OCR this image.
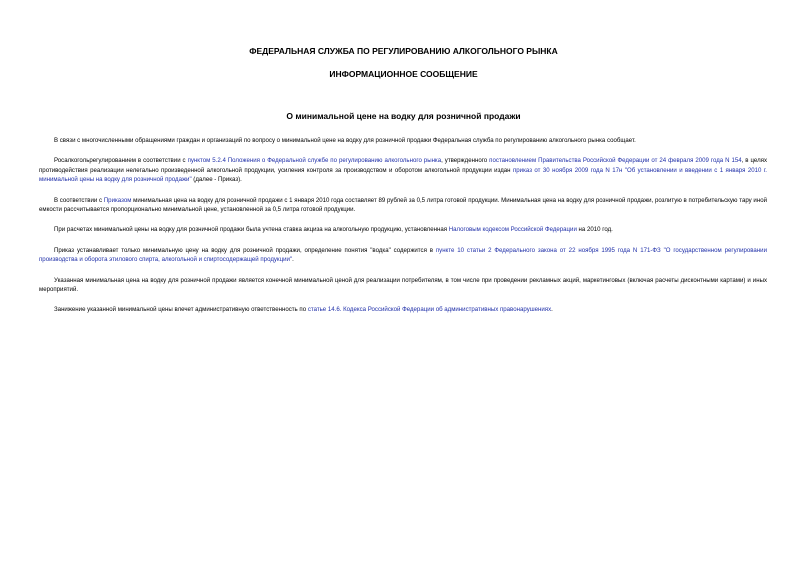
ФЕДЕРАЛЬНАЯ СЛУЖБА ПО РЕГУЛИРОВАНИЮ АЛКОГОЛЬНОГО РЫНКА
ИНФОРМАЦИОННОЕ СООБЩЕНИЕ
О минимальной цене на водку для розничной продажи

В связи с многочисленными обращениями граждан и организаций по вопросу о минимальной цене на водку для розничной продажи Федеральная служба по регулированию алкогольного рынка сообщает.

Росалкогольрегулированием в соответствии с пунктом 5.2.4 Положения о Федеральной службе по регулированию алкогольного рынка, утвержденного постановлением Правительства Российской Федерации от 24 февраля 2009 года N 154, в целях противодействия реализации нелегально произведенной алкогольной продукции, усиления контроля за производством и оборотом алкогольной продукции издан приказ от 30 ноября 2009 года N 17н "Об установлении и введении с 1 января 2010 г. минимальной цены на водку для розничной продажи" (далее - Приказ).

В соответствии с Приказом минимальная цена на водку для розничной продажи с 1 января 2010 года составляет 89 рублей за 0,5 литра готовой продукции. Минимальная цена на водку для розничной продажи, розлитую в потребительскую тару иной емкости рассчитывается пропорционально минимальной цене, установленной за 0,5 литра готовой продукции.

При расчетах минимальной цены на водку для розничной продажи была учтена ставка акциза на алкогольную продукцию, установленная Налоговым кодексом Российской Федерации на 2010 год.

Приказ устанавливает только минимальную цену на водку для розничной продажи, определение понятия "водка" содержится в пункте 10 статьи 2 Федерального закона от 22 ноября 1995 года N 171-ФЗ "О государственном регулировании производства и оборота этилового спирта, алкогольной и спиртосодержащей продукции".

Указанная минимальная цена на водку для розничной продажи является конечной минимальной ценой для реализации потребителям, в том числе при проведении рекламных акций, маркетинговых (включая расчеты дисконтными картами) и иных мероприятий.

Занижение указанной минимальной цены влечет административную ответственность по статье 14.6. Кодекса Российской Федерации об административных правонарушениях.
